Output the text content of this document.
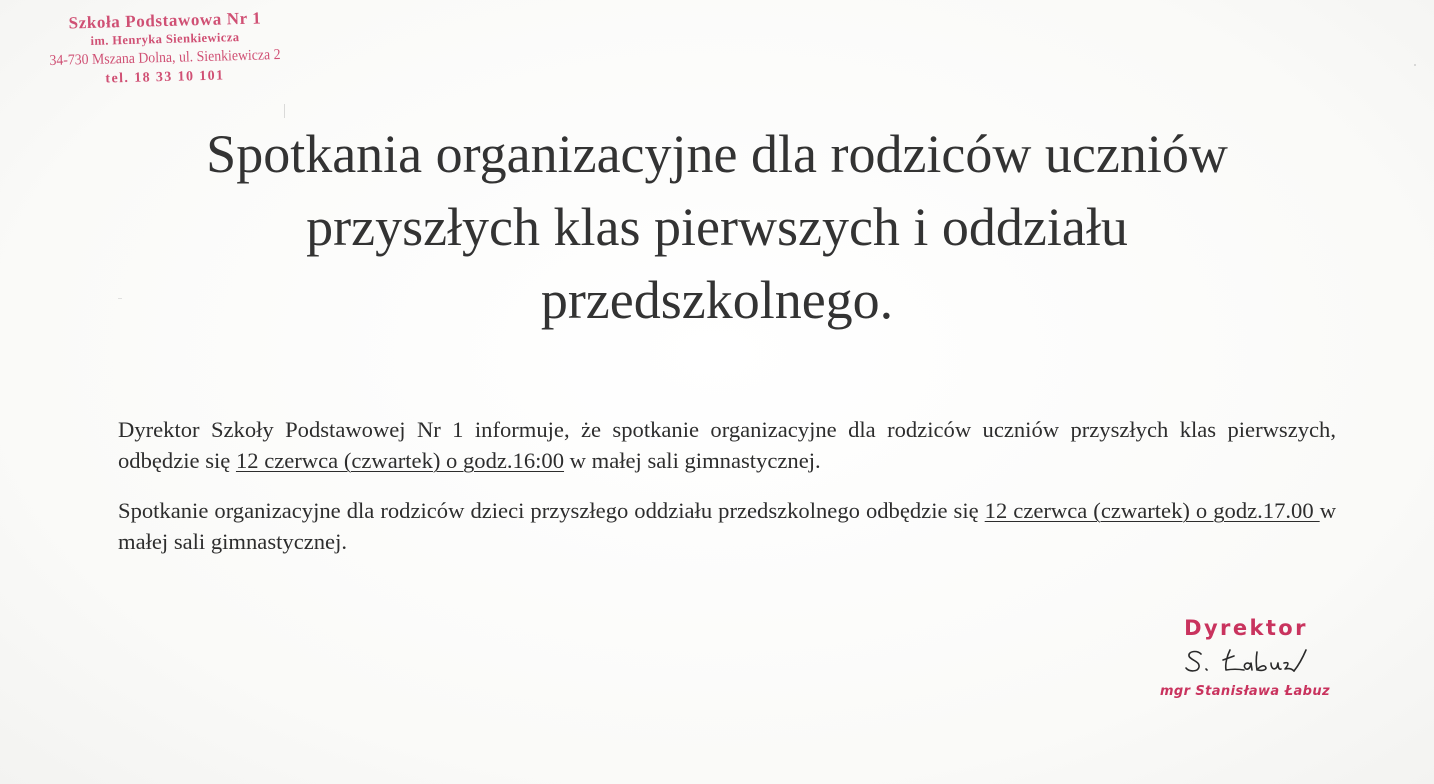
Szkoła Podstawowa Nr 1
im. Henryka Sienkiewicza
34-730 Mszana Dolna, ul. Sienkiewicza 2
tel. 18 33 10 101
Spotkania organizacyjne dla rodziców uczniów
przyszłych klas pierwszych i oddziału
przedszkolnego.

Dyrektor Szkoły Podstawowej Nr 1 informuje, że spotkanie organizacyjne dla rodziców uczniów przyszłych klas pierwszych, odbędzie się 12 czerwca (czwartek) o godz.16:00 w małej sali gimnastycznej.

Spotkanie organizacyjne dla rodziców dzieci przyszłego oddziału przedszkolnego odbędzie się 12 czerwca (czwartek) o godz.17.00 w małej sali gimnastycznej.

Dyrektor
mgr Stanisława Łabuz
